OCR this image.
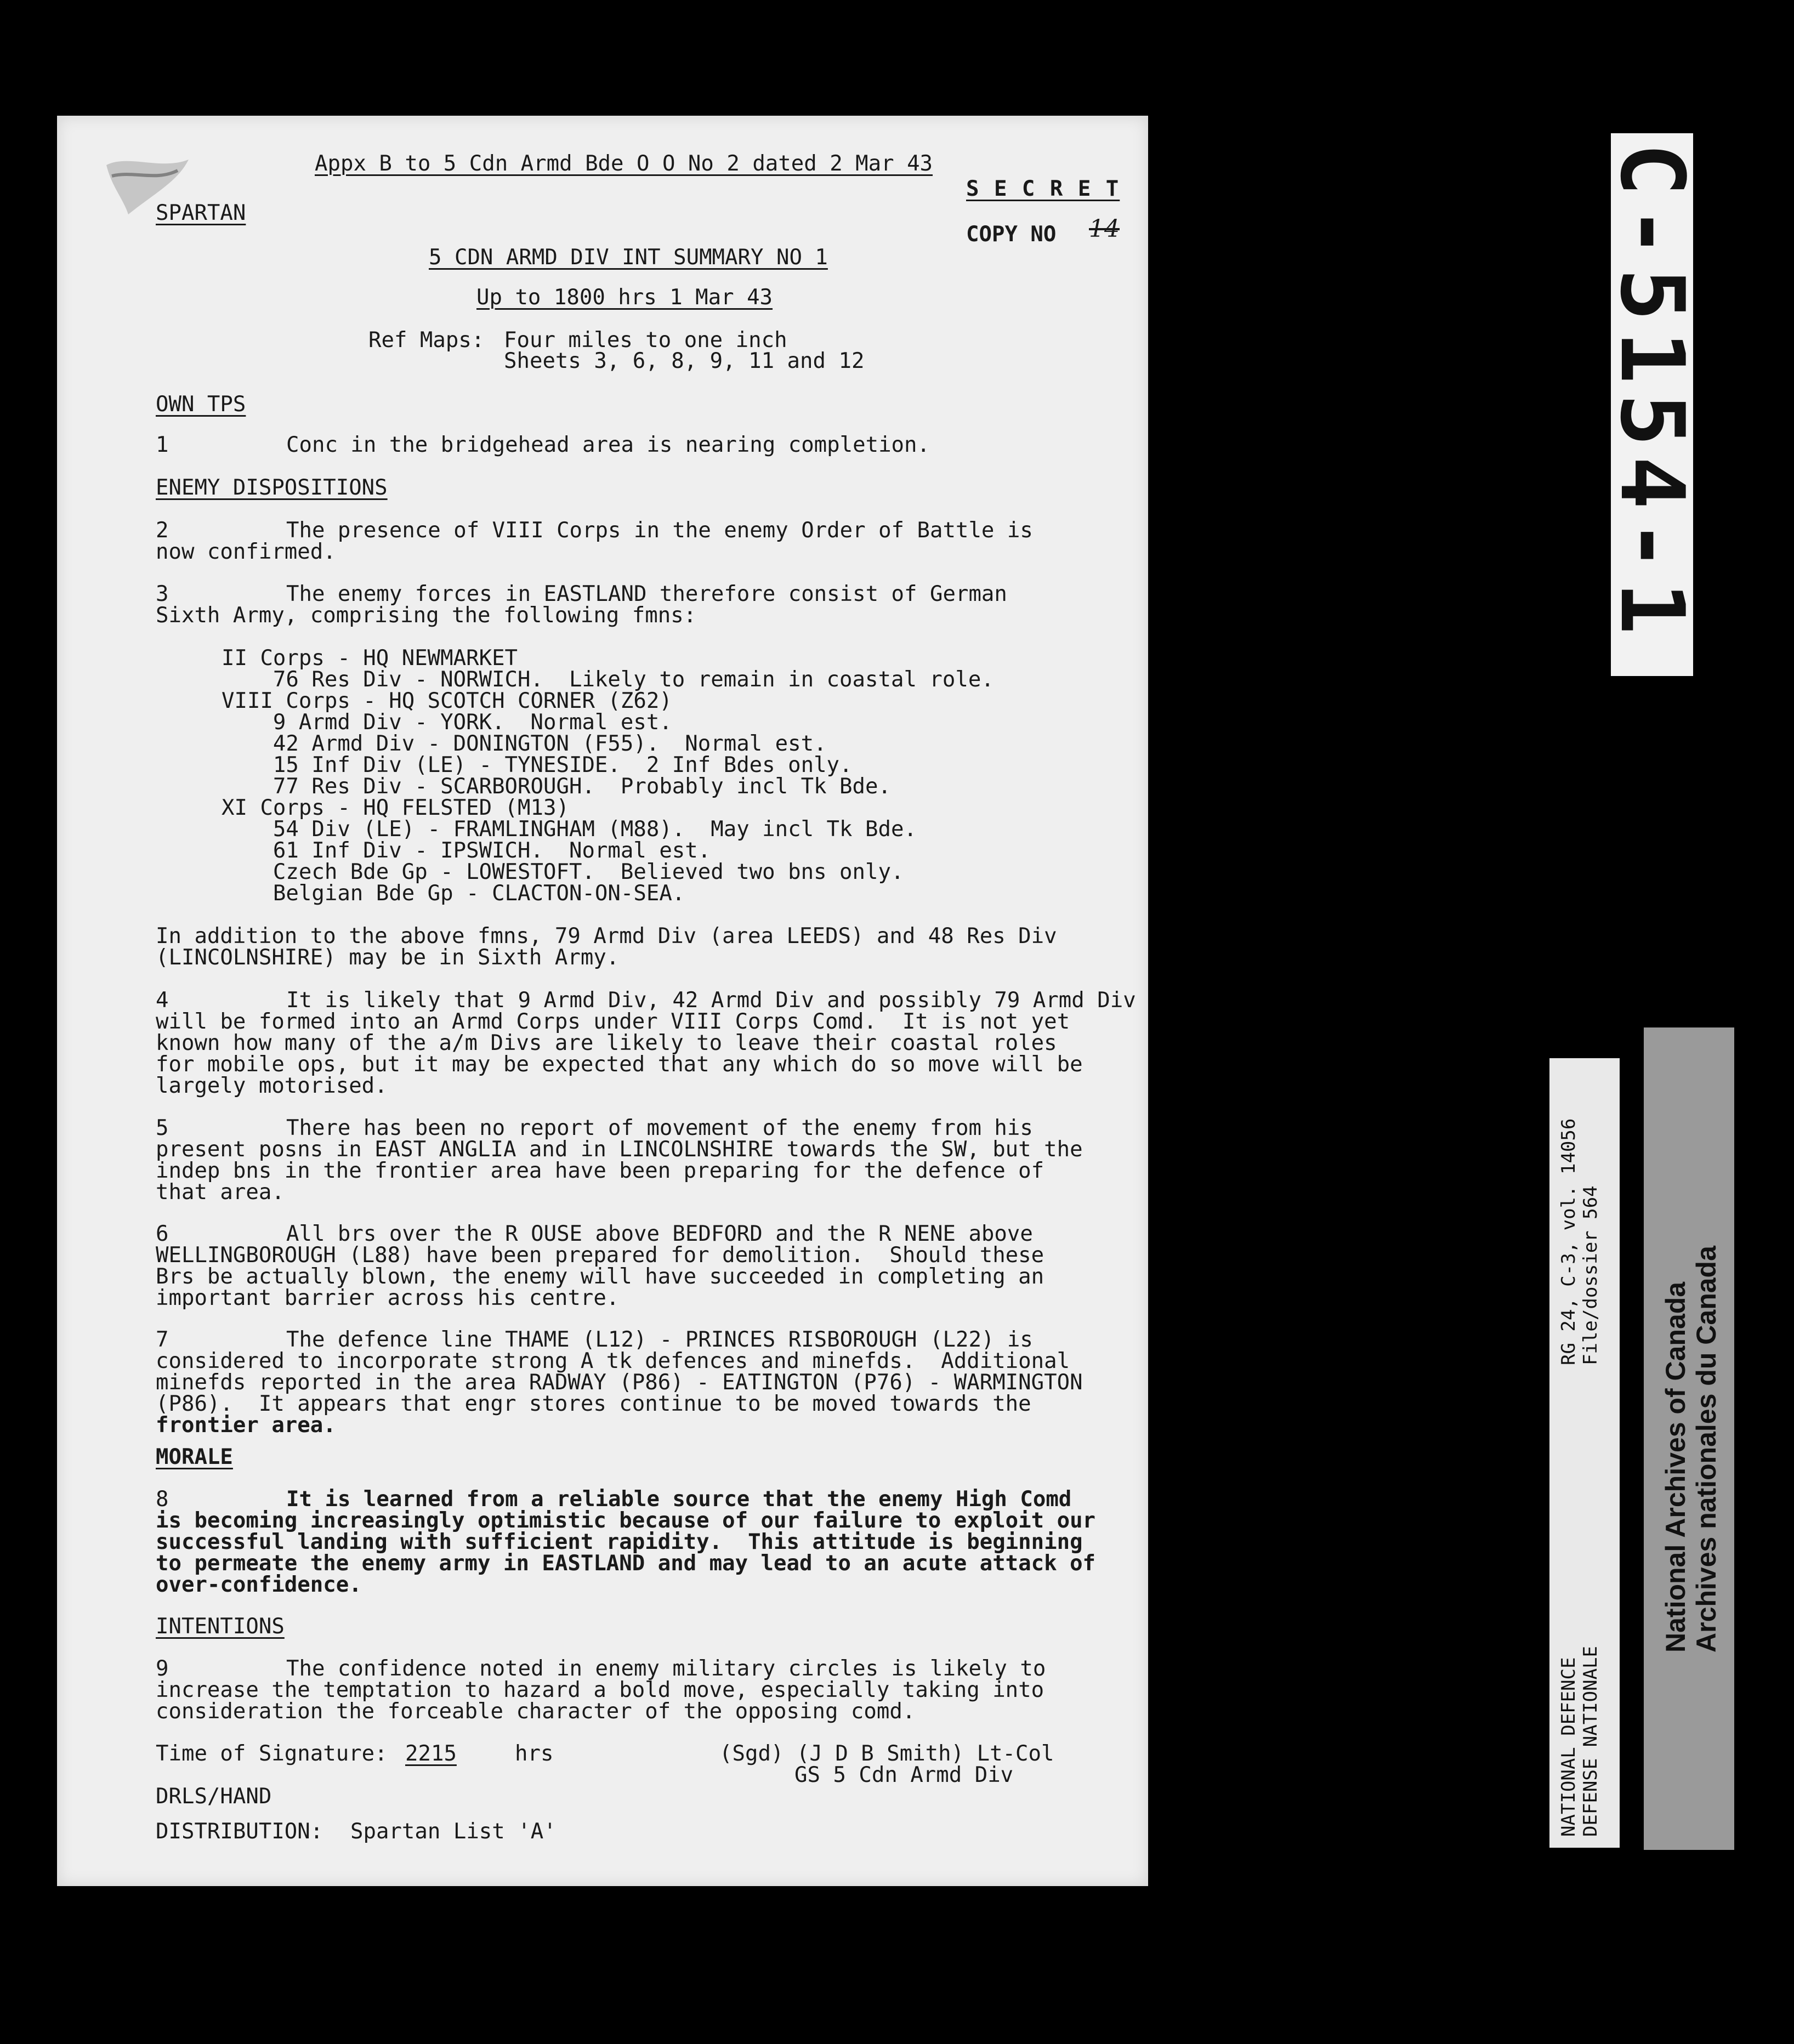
Appx B to 5 Cdn Armd Bde O O No 2 dated 2 Mar 43
S E C R E T
SPARTAN
COPY NO 14
5 CDN ARMD DIV INT SUMMARY NO 1
Up to 1800 hrs 1 Mar 43
Ref Maps: Four miles to one inch
Sheets 3, 6, 8, 9, 11 and 12
OWN TPS
1	Conc in the bridgehead area is nearing completion.
ENEMY DISPOSITIONS
2	The presence of VIII Corps in the enemy Order of Battle is
now confirmed.
3	The enemy forces in EASTLAND therefore consist of German
Sixth Army, comprising the following fmns:
II Corps - HQ NEWMARKET
76 Res Div - NORWICH.  Likely to remain in coastal role.
VIII Corps - HQ SCOTCH CORNER (Z62)
9 Armd Div - YORK.  Normal est.
42 Armd Div - DONINGTON (F55).  Normal est.
15 Inf Div (LE) - TYNESIDE.  2 Inf Bdes only.
77 Res Div - SCARBOROUGH.  Probably incl Tk Bde.
XI Corps - HQ FELSTED (M13)
54 Div (LE) - FRAMLINGHAM (M88).  May incl Tk Bde.
61 Inf Div - IPSWICH.  Normal est.
Czech Bde Gp - LOWESTOFT.  Believed two bns only.
Belgian Bde Gp - CLACTON-ON-SEA.
In addition to the above fmns, 79 Armd Div (area LEEDS) and 48 Res Div
(LINCOLNSHIRE) may be in Sixth Army.
4	It is likely that 9 Armd Div, 42 Armd Div and possibly 79 Armd Div
will be formed into an Armd Corps under VIII Corps Comd.  It is not yet
known how many of the a/m Divs are likely to leave their coastal roles
for mobile ops, but it may be expected that any which do so move will be
largely motorised.
5	There has been no report of movement of the enemy from his
present posns in EAST ANGLIA and in LINCOLNSHIRE towards the SW, but the
indep bns in the frontier area have been preparing for the defence of
that area.
6	All brs over the R OUSE above BEDFORD and the R NENE above
WELLINGBOROUGH (L88) have been prepared for demolition.  Should these
Brs be actually blown, the enemy will have succeeded in completing an
important barrier across his centre.
7	The defence line THAME (L12) - PRINCES RISBOROUGH (L22) is
considered to incorporate strong A tk defences and minefds.  Additional
minefds reported in the area RADWAY (P86) - EATINGTON (P76) - WARMINGTON
(P86).  It appears that engr stores continue to be moved towards the
frontier area.
MORALE
8	It is learned from a reliable source that the enemy High Comd
is becoming increasingly optimistic because of our failure to exploit our
successful landing with sufficient rapidity.  This attitude is beginning
to permeate the enemy army in EASTLAND and may lead to an acute attack of
over-confidence.
INTENTIONS
9	The confidence noted in enemy military circles is likely to
increase the temptation to hazard a bold move, especially taking into
consideration the forceable character of the opposing comd.
Time of Signature: 2215	hrs	(Sgd) (J D B Smith) Lt-Col
GS 5 Cdn Armd Div
DRLS/HAND
DISTRIBUTION: Spartan List 'A'
C-5154-1
RG 24, C-3, vol. 14056 File/dossier 564
NATIONAL DEFENCE DEFENSE NATIONALE
National Archives of Canada Archives nationales du Canada
